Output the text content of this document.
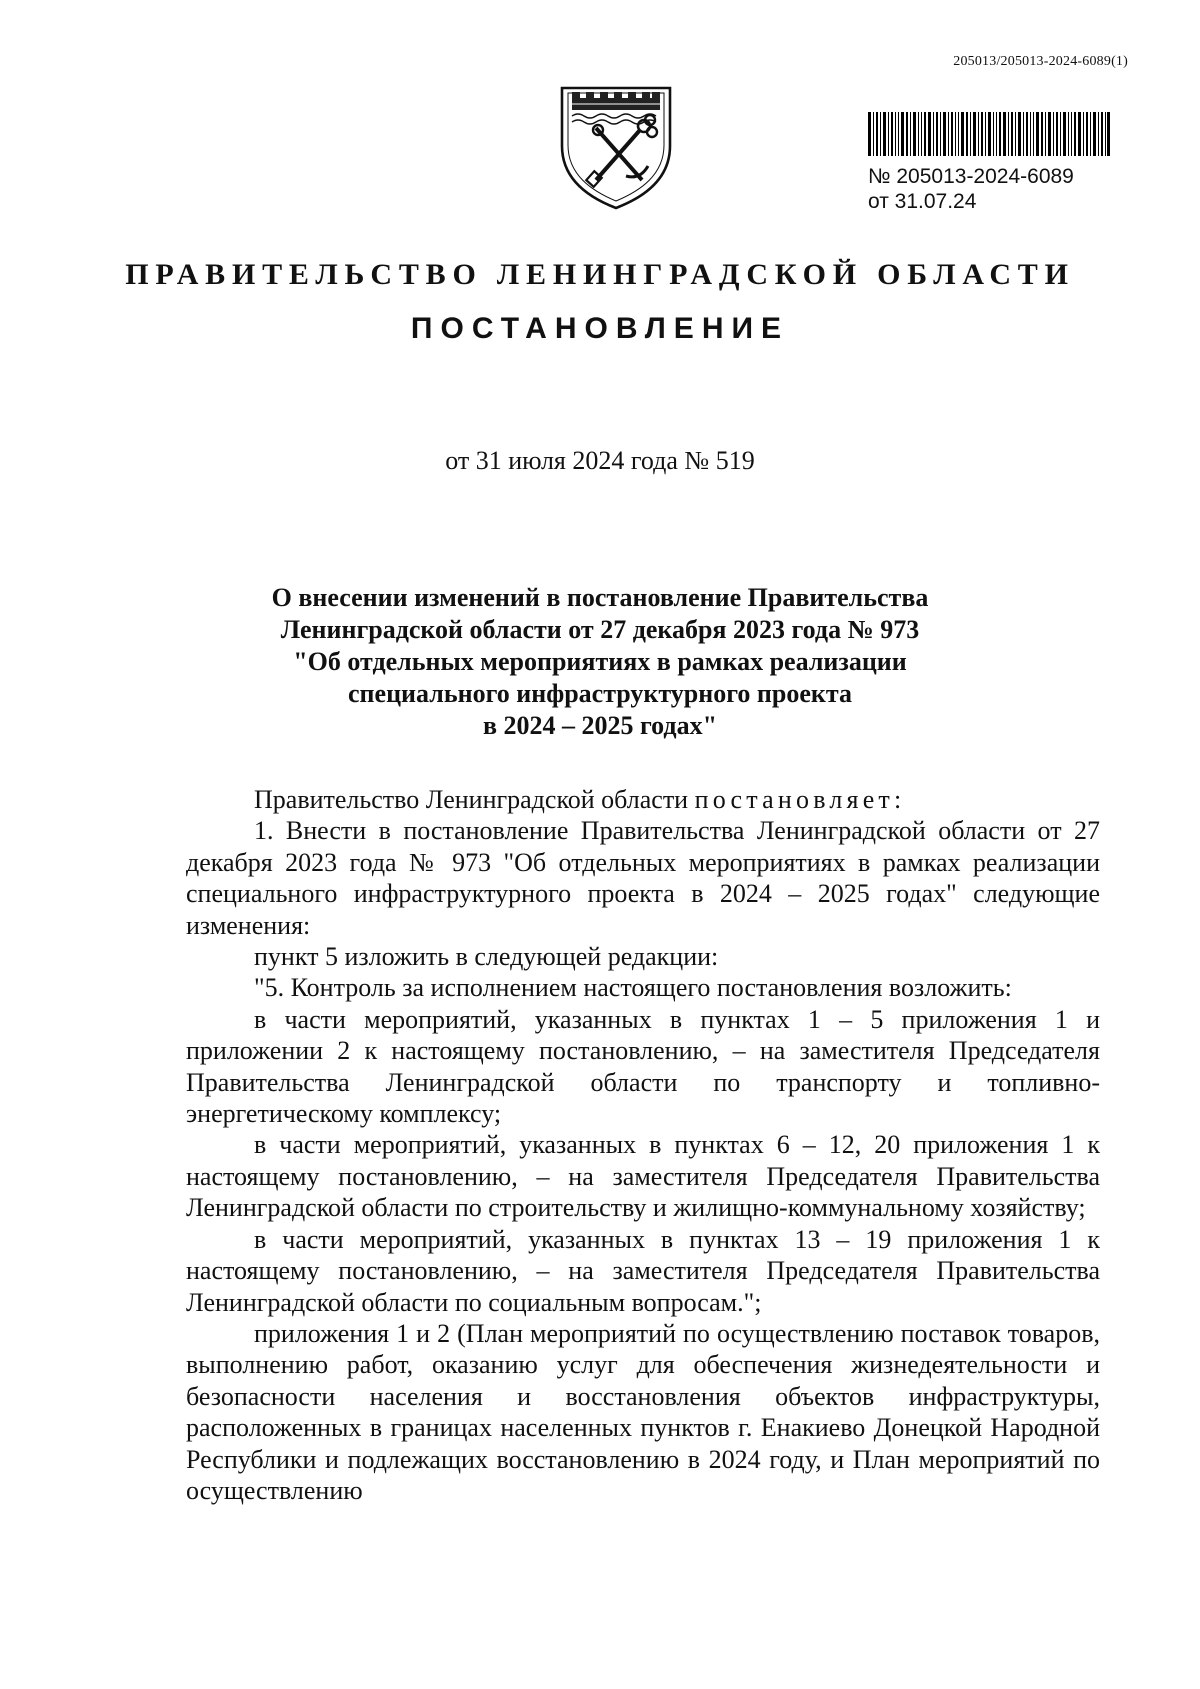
205013/205013-2024-6089(1)
№ 205013-2024-6089
от 31.07.24
ПРАВИТЕЛЬСТВО ЛЕНИНГРАДСКОЙ ОБЛАСТИ
ПОСТАНОВЛЕНИЕ
от 31 июля 2024 года № 519
О внесении изменений в постановление Правительства
Ленинградской области от 27 декабря 2023 года № 973
"Об отдельных мероприятиях в рамках реализации
специального инфраструктурного проекта
в 2024 – 2025 годах"

Правительство Ленинградской области постановляет:

1. Внести в постановление Правительства Ленинградской области от 27 декабря 2023 года № 973 "Об отдельных мероприятиях в рамках реализации специального инфраструктурного проекта в 2024 – 2025 годах" следующие изменения:

пункт 5 изложить в следующей редакции:

"5. Контроль за исполнением настоящего постановления возложить:

в части мероприятий, указанных в пунктах 1 – 5 приложения 1 и приложении 2 к настоящему постановлению, – на заместителя Председателя Правительства Ленинградской области по транспорту и топливно-энергетическому комплексу;

в части мероприятий, указанных в пунктах 6 – 12, 20 приложения 1 к настоящему постановлению, – на заместителя Председателя Правительства Ленинградской области по строительству и жилищно-коммунальному хозяйству;

в части мероприятий, указанных в пунктах 13 – 19 приложения 1 к настоящему постановлению, – на заместителя Председателя Правительства Ленинградской области по социальным вопросам.";

приложения 1 и 2 (План мероприятий по осуществлению поставок товаров, выполнению работ, оказанию услуг для обеспечения жизнедеятельности и безопасности населения и восстановления объектов инфраструктуры, расположенных в границах населенных пунктов г. Енакиево Донецкой Народной Республики и подлежащих восстановлению в 2024 году, и План мероприятий по осуществлению
